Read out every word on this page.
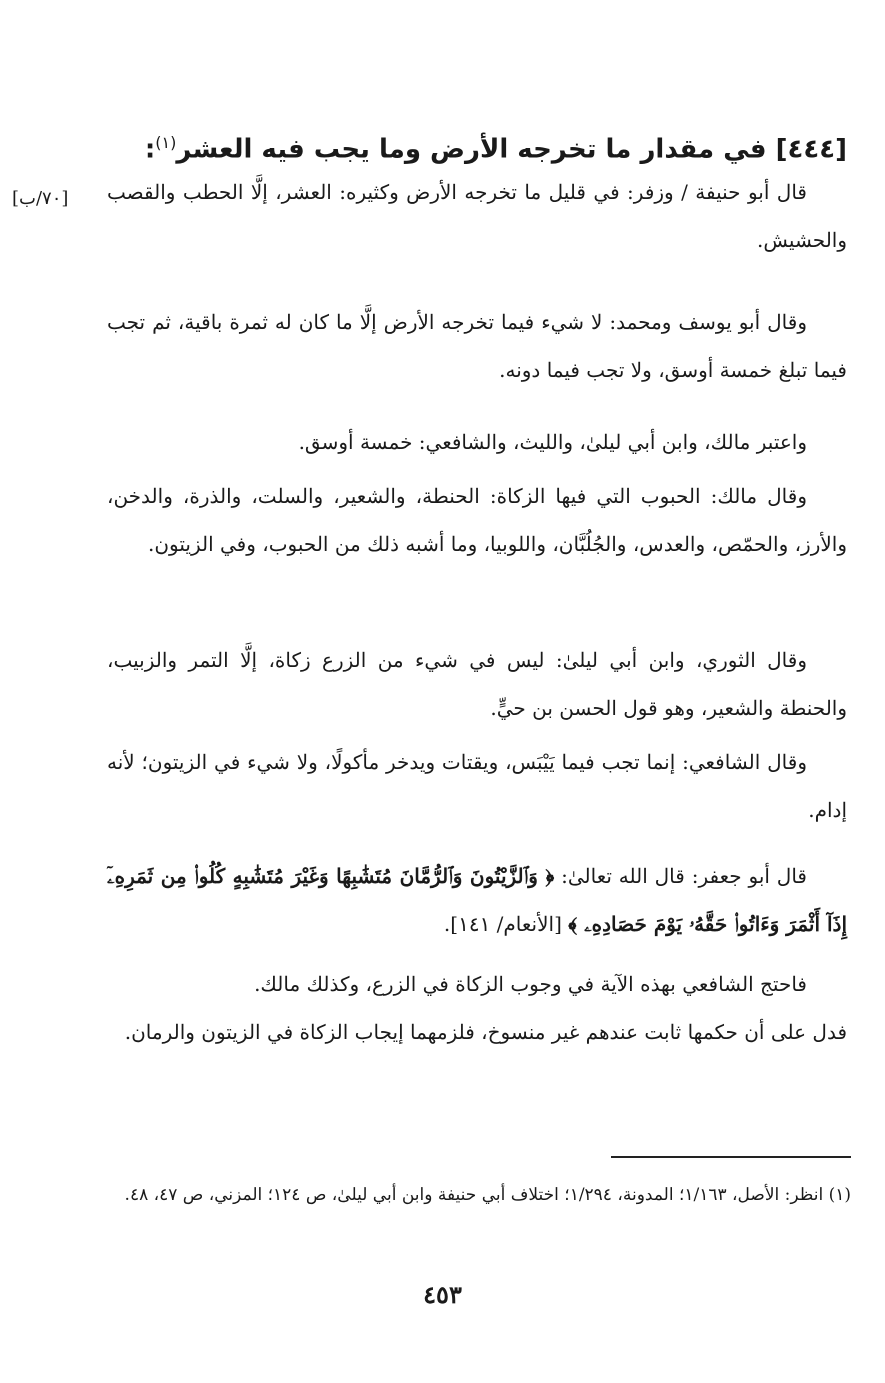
[٤٤٤] في مقدار ما تخرجه الأرض وما يجب فيه العشر$^{(١)}$:
[٧٠/ب] قال أبو حنيفة / وزفر: في قليل ما تخرجه الأرض وكثيره: العشر، إلَّا الحطب والقصب والحشيش.

وقال أبو يوسف ومحمد: لا شيء فيما تخرجه الأرض إلَّا ما كان له ثمرة باقية، ثم تجب فيما تبلغ خمسة أوسق، ولا تجب فيما دونه.

واعتبر مالك، وابن أبي ليلىٰ، والليث، والشافعي: خمسة أوسق.

وقال مالك: الحبوب التي فيها الزكاة: الحنطة، والشعير، والسلت، والذرة، والدخن، والأرز، والحمّص، والعدس، والجُلُبَّان، واللوبيا، وما أشبه ذلك من الحبوب، وفي الزيتون.

وقال الثوري، وابن أبي ليلىٰ: ليس في شيء من الزرع زكاة، إلَّا التمر والزبيب، والحنطة والشعير، وهو قول الحسن بن حيٍّ.

وقال الشافعي: إنما تجب فيما يَيْبَس، ويقتات ويدخر مأكولًا، ولا شيء في الزيتون؛ لأنه إدام.

قال أبو جعفر: قال الله تعالىٰ: ﴿ وَٱلزَّيْتُونَ وَٱلرُّمَّانَ مُتَشَٰبِهًا وَغَيْرَ مُتَشَٰبِهٍ كُلُوا۟ مِن ثَمَرِهِۦٓ إِذَآ أَثْمَرَ وَءَاتُوا۟ حَقَّهُۥ يَوْمَ حَصَادِهِۦ ﴾ [الأنعام/ ١٤١].

فاحتج الشافعي بهذه الآية في وجوب الزكاة في الزرع، وكذلك مالك.

فدل على أن حكمها ثابت عندهم غير منسوخ، فلزمهما إيجاب الزكاة في الزيتون والرمان.

(١) انظر: الأصل، ١/١٦٣؛ المدونة، ١/٢٩٤؛ اختلاف أبي حنيفة وابن أبي ليلىٰ، ص ١٢٤؛ المزني، ص ٤٧، ٤٨.
٤٥٣
